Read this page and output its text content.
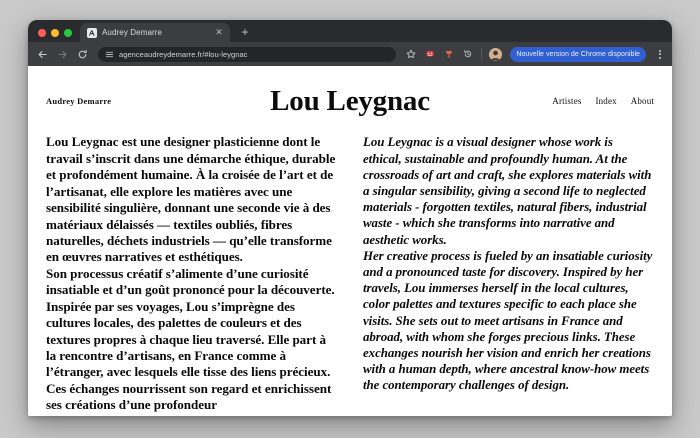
Audrey Demarre	✕	+
agenceaudreydemarre.fr/#lou-leygnac	Nouvelle version de Chrome disponible
Audrey Demarre	Lou Leygnac	Artistes Index About

Lou Leygnac est une designer plasticienne dont le travail s’inscrit dans une démarche éthique, durable et profondément humaine. À la croisée de l’art et de l’artisanat, elle explore les matières avec une sensibilité singulière, donnant une seconde vie à des matériaux délaissés — textiles oubliés, fibres naturelles, déchets industriels — qu’elle transforme en œuvres narratives et esthétiques.

Son processus créatif s’alimente d’une curiosité insatiable et d’un goût prononcé pour la découverte. Inspirée par ses voyages, Lou s’imprègne des cultures locales, des palettes de couleurs et des textures propres à chaque lieu traversé. Elle part à la rencontre d’artisans, en France comme à l’étranger, avec lesquels elle tisse des liens précieux. Ces échanges nourrissent son regard et enrichissent ses créations d’une profondeur

Lou Leygnac is a visual designer whose work is ethical, sustainable and profoundly human. At the crossroads of art and craft, she explores materials with a singular sensibility, giving a second life to neglected materials - forgotten textiles, natural fibers, industrial waste - which she transforms into narrative and aesthetic works.

Her creative process is fueled by an insatiable curiosity and a pronounced taste for discovery. Inspired by her travels, Lou immerses herself in the local cultures, color palettes and textures specific to each place she visits. She sets out to meet artisans in France and abroad, with whom she forges precious links. These exchanges nourish her vision and enrich her creations with a human depth, where ancestral know-how meets the contemporary challenges of design.
